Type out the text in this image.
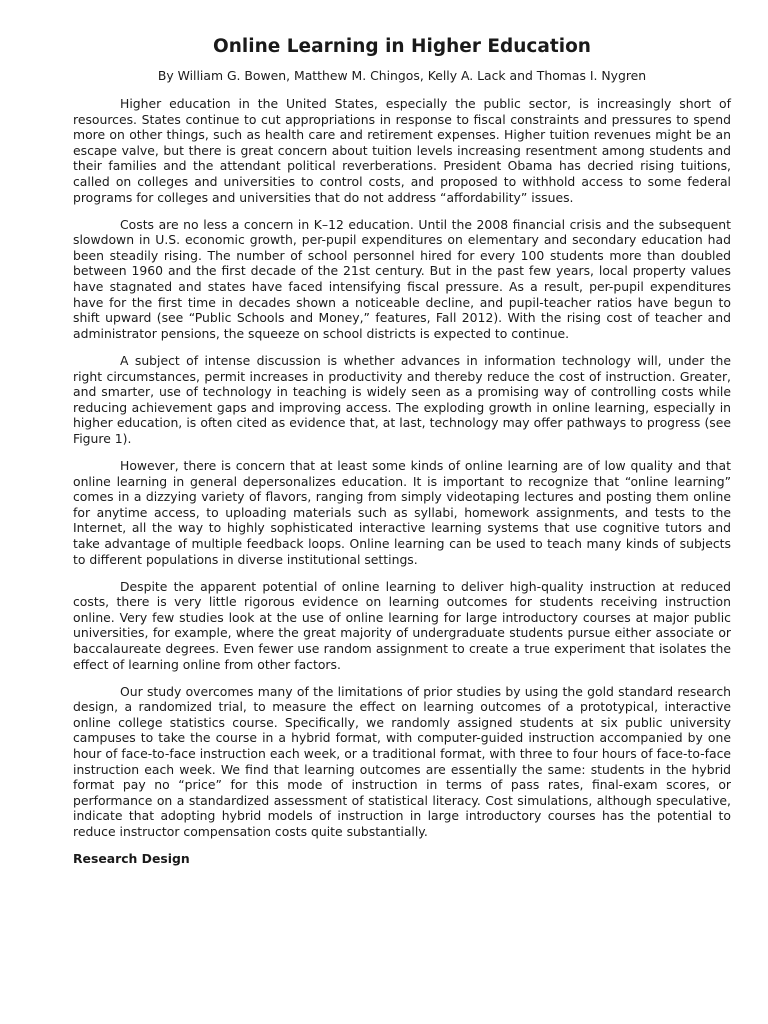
Online Learning in Higher Education
By William G. Bowen, Matthew M. Chingos, Kelly A. Lack and Thomas I. Nygren

Higher education in the United States, especially the public sector, is increasingly short of resources. States continue to cut appropriations in response to fiscal constraints and pressures to spend more on other things, such as health care and retirement expenses. Higher tuition revenues might be an escape valve, but there is great concern about tuition levels increasing resentment among students and their families and the attendant political reverberations. President Obama has decried rising tuitions, called on colleges and universities to control costs, and proposed to withhold access to some federal programs for colleges and universities that do not address “affordability” issues.

Costs are no less a concern in K–12 education. Until the 2008 financial crisis and the subsequent slowdown in U.S. economic growth, per-pupil expenditures on elementary and secondary education had been steadily rising. The number of school personnel hired for every 100 students more than doubled between 1960 and the first decade of the 21st century. But in the past few years, local property values have stagnated and states have faced intensifying fiscal pressure. As a result, per-pupil expenditures have for the first time in decades shown a noticeable decline, and pupil-teacher ratios have begun to shift upward (see “Public Schools and Money,” features, Fall 2012). With the rising cost of teacher and administrator pensions, the squeeze on school districts is expected to continue.

A subject of intense discussion is whether advances in information technology will, under the right circumstances, permit increases in productivity and thereby reduce the cost of instruction. Greater, and smarter, use of technology in teaching is widely seen as a promising way of controlling costs while reducing achievement gaps and improving access. The exploding growth in online learning, especially in higher education, is often cited as evidence that, at last, technology may offer pathways to progress (see Figure 1).

However, there is concern that at least some kinds of online learning are of low quality and that online learning in general depersonalizes education. It is important to recognize that “online learning” comes in a dizzying variety of flavors, ranging from simply videotaping lectures and posting them online for anytime access, to uploading materials such as syllabi, homework assignments, and tests to the Internet, all the way to highly sophisticated interactive learning systems that use cognitive tutors and take advantage of multiple feedback loops. Online learning can be used to teach many kinds of subjects to different populations in diverse institutional settings.

Despite the apparent potential of online learning to deliver high-quality instruction at reduced costs, there is very little rigorous evidence on learning outcomes for students receiving instruction online. Very few studies look at the use of online learning for large introductory courses at major public universities, for example, where the great majority of undergraduate students pursue either associate or baccalaureate degrees. Even fewer use random assignment to create a true experiment that isolates the effect of learning online from other factors.

Our study overcomes many of the limitations of prior studies by using the gold standard research design, a randomized trial, to measure the effect on learning outcomes of a prototypical, interactive online college statistics course. Specifically, we randomly assigned students at six public university campuses to take the course in a hybrid format, with computer-guided instruction accompanied by one hour of face-to-face instruction each week, or a traditional format, with three to four hours of face-to-face instruction each week. We find that learning outcomes are essentially the same: students in the hybrid format pay no “price” for this mode of instruction in terms of pass rates, final-exam scores, or performance on a standardized assessment of statistical literacy. Cost simulations, although speculative, indicate that adopting hybrid models of instruction in large introductory courses has the potential to reduce instructor compensation costs quite substantially.

Research Design
